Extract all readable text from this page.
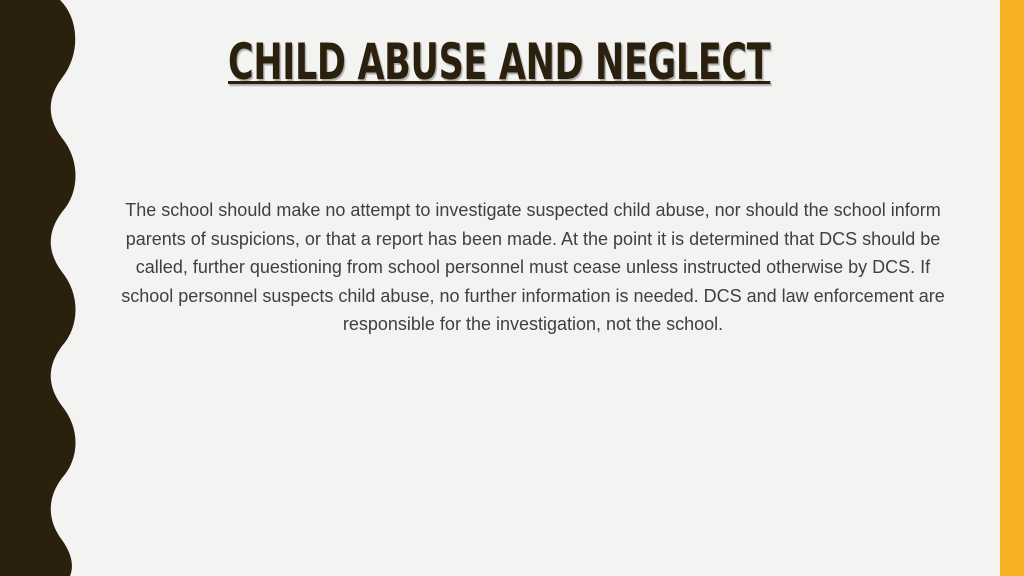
CHILD ABUSE AND NEGLECT

The school should make no attempt to investigate suspected child abuse, nor should the school inform parents of suspicions, or that a report has been made. At the point it is determined that DCS should be called, further questioning from school personnel must cease unless instructed otherwise by DCS. If school personnel suspects child abuse, no further information is needed. DCS and law enforcement are responsible for the investigation, not the school.
